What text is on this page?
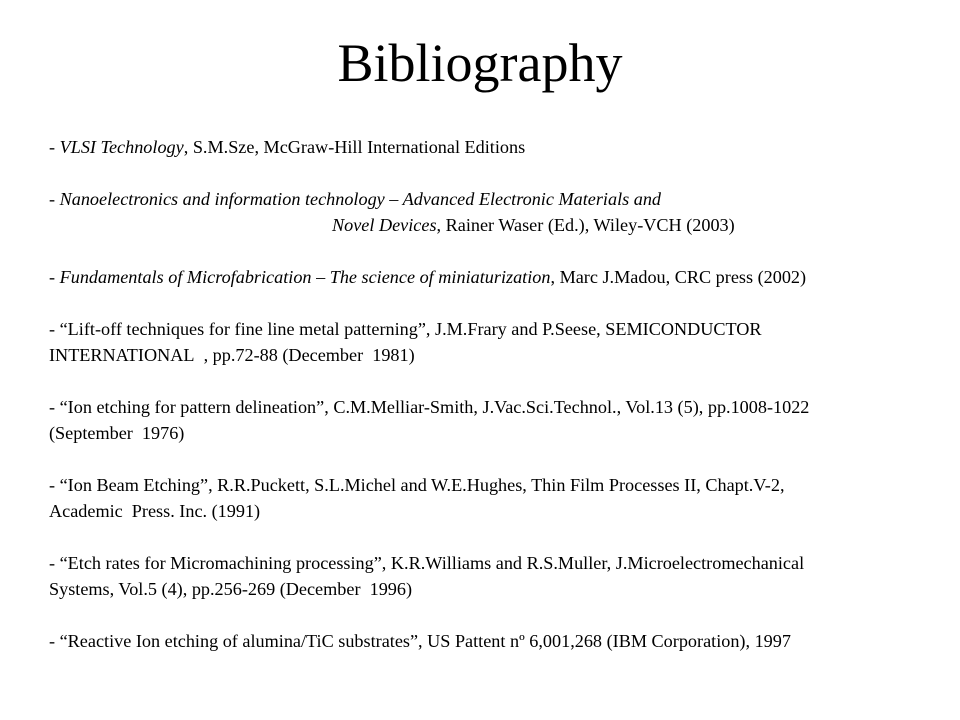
Bibliography
- VLSI Technology, S.M.Sze, McGraw-Hill International Editions
- Nanoelectronics and information technology – Advanced Electronic Materials and
Novel Devices, Rainer Waser (Ed.), Wiley-VCH (2003)
- Fundamentals of Microfabrication – The science of miniaturization, Marc J.Madou, CRC press (2002)
- “Lift-off techniques for fine line metal patterning”, J.M.Frary and P.Seese, SEMICONDUCTOR
INTERNATIONAL  , pp.72-88 (December  1981)
- “Ion etching for pattern delineation”, C.M.Melliar-Smith, J.Vac.Sci.Technol., Vol.13 (5), pp.1008-1022
(September  1976)
- “Ion Beam Etching”, R.R.Puckett, S.L.Michel and W.E.Hughes, Thin Film Processes II, Chapt.V-2,
Academic  Press. Inc. (1991)
- “Etch rates for Micromachining processing”, K.R.Williams and R.S.Muller, J.Microelectromechanical
Systems, Vol.5 (4), pp.256-269 (December  1996)
- “Reactive Ion etching of alumina/TiC substrates”, US Pattent nº 6,001,268 (IBM Corporation), 1997
